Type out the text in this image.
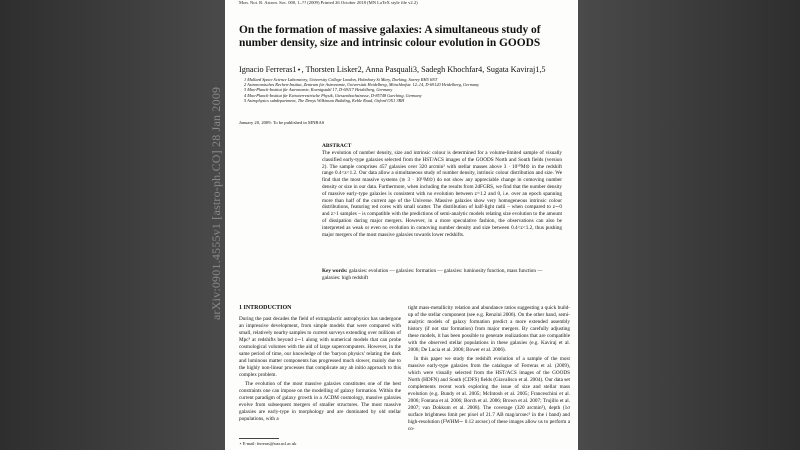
Mon. Not. R. Astron. Soc. 000, 1–?? (2009) Printed 26 October 2018 (MN LaTeX style file v2.2)
On the formation of massive galaxies: A simultaneous study of number density, size and intrinsic colour evolution in GOODS
Ignacio Ferreras1⋆, Thorsten Lisker2, Anna Pasquali3, Sadegh Khochfar4, Sugata Kaviraj1,5
1 Mullard Space Science Laboratory, University College London, Holmbury St Mary, Dorking, Surrey RH5 6NT
2 Astronomisches Rechen-Institut, Zentrum für Astronomie, Universität Heidelberg, Mönchhofstr. 12–14, D-69120 Heidelberg, Germany
3 Max-Planck-Institut für Astronomie, Koenigstuhl 17, D-69117 Heidelberg, Germany
4 Max-Planck-Institut für Extraterrestrische Physik, Giessenbachstrasse, D-85748 Garching, Germany
5 Astrophysics subdepartment, The Denys Wilkinson Building, Keble Road, Oxford OX1 3RH
January 20, 2009: To be published in MNRAS
ABSTRACT
The evolution of number density, size and intrinsic colour is determined for a volume-limited sample of visually classified early-type galaxies selected from the HST/ACS images of the GOODS North and South fields (version 2). The sample comprises 457 galaxies over 320 arcmin² with stellar masses above 3 · 10¹⁰M⊙ in the redshift range 0.4<z<1.2. Our data allow a simultaneous study of number density, intrinsic colour distribution and size. We find that the most massive systems (≳ 3 · 10¹¹M⊙) do not show any appreciable change in comoving number density or size in our data. Furthermore, when including the results from 2dFGRS, we find that the number density of massive early-type galaxies is consistent with no evolution between z=1.2 and 0, i.e. over an epoch spanning more than half of the current age of the Universe. Massive galaxies show very homogeneous intrinsic colour distributions, featuring red cores with small scatter. The distribution of half-light radii – when compared to z∼0 and z>1 samples – is compatible with the predictions of semi-analytic models relating size evolution to the amount of dissipation during major mergers. However, in a more speculative fashion, the observations can also be interpreted as weak or even no evolution in comoving number density and size between 0.4<z<1.2, thus pushing major mergers of the most massive galaxies towards lower redshifts.
Key words: galaxies: evolution — galaxies: formation — galaxies: luminosity function, mass function — galaxies: high redshift
1 INTRODUCTION

During the past decades the field of extragalactic astrophysics has undergone an impressive development, from simple models that were compared with small, relatively nearby samples to current surveys extending over millions of Mpc³ at redshifts beyond z∼1 along with numerical models that can probe cosmological volumes with the aid of large supercomputers. However, in the same period of time, our knowledge of the 'baryon physics' relating the dark and luminous matter components has progressed much slower, mainly due to the highly non-linear processes that complicate any ab initio approach to this complex problem.

The evolution of the most massive galaxies constitutes one of the best constraints one can impose on the modelling of galaxy formation. Within the current paradigm of galaxy growth in a ΛCDM cosmology, massive galaxies evolve from subsequent mergers of smaller structures. The most massive galaxies are early-type in morphology and are dominated by old stellar populations, with a

tight mass-metallicity relation and abundance ratios suggesting a quick build-up of the stellar component (see e.g. Renzini 2006). On the other hand, semi-analytic models of galaxy formation predict a more extended assembly history (if not star formation) from major mergers. By carefully adjusting these models, it has been possible to generate realizations that are compatible with the observed stellar populations in these galaxies (e.g. Kaviraj et al. 2006; De Lucia et al. 2006; Bower et al. 2006).

In this paper we study the redshift evolution of a sample of the most massive early-type galaxies from the catalogue of Ferreras et al. (2009), which were visually selected from the HST/ACS images of the GOODS North (HDFN) and South (CDFS) fields (Giavalisco et al. 2004). Our data set complements recent work exploring the issue of size and stellar mass evolution (e.g. Bundy et al. 2005; McIntosh et al. 2005; Franceschini et al. 2006; Fontana et al. 2006; Borch et al. 2006; Brown et al. 2007; Trujillo et al. 2007; van Dokkum et al. 2008). The coverage (320 arcmin²), depth (1σ surface brightness limit per pixel of 21.7 AB mag/arcsec² in the i band) and high-resolution (FWHM∼ 0.12 arcsec) of these images allow us to perform a co-

⋆ E-mail: ferreras@star.ucl.ac.uk
arXiv:0901.4555v1 [astro-ph.CO] 28 Jan 2009
